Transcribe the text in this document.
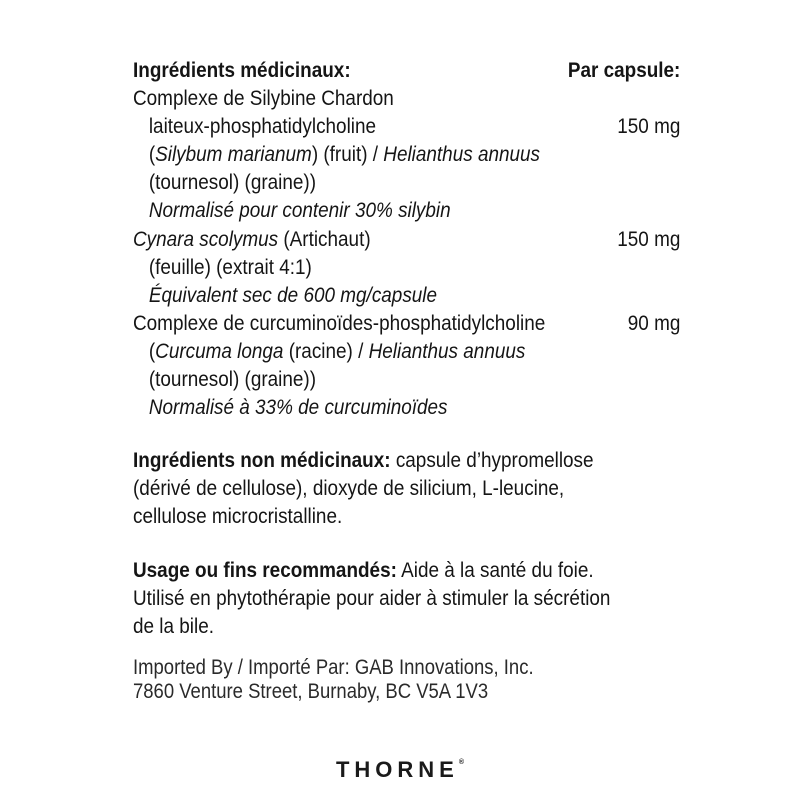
Ingrédients médicinaux:	Par capsule:
Complexe de Silybine Chardon
laiteux-phosphatidylcholine	150 mg
(Silybum marianum) (fruit) / Helianthus annuus
(tournesol) (graine))
Normalisé pour contenir 30% silybin
Cynara scolymus (Artichaut)	150 mg
(feuille) (extrait 4:1)
Équivalent sec de 600 mg/capsule
Complexe de curcuminoïdes-phosphatidylcholine	90 mg
(Curcuma longa (racine) / Helianthus annuus
(tournesol) (graine))
Normalisé à 33% de curcuminoïdes
Ingrédients non médicinaux: capsule d’hypromellose
(dérivé de cellulose), dioxyde de silicium, L-leucine,
cellulose microcristalline.
Usage ou fins recommandés: Aide à la santé du foie.
Utilisé en phytothérapie pour aider à stimuler la sécrétion
de la bile.
Imported By / Importé Par: GAB Innovations, Inc.
7860 Venture Street, Burnaby, BC V5A 1V3
THORNE®
